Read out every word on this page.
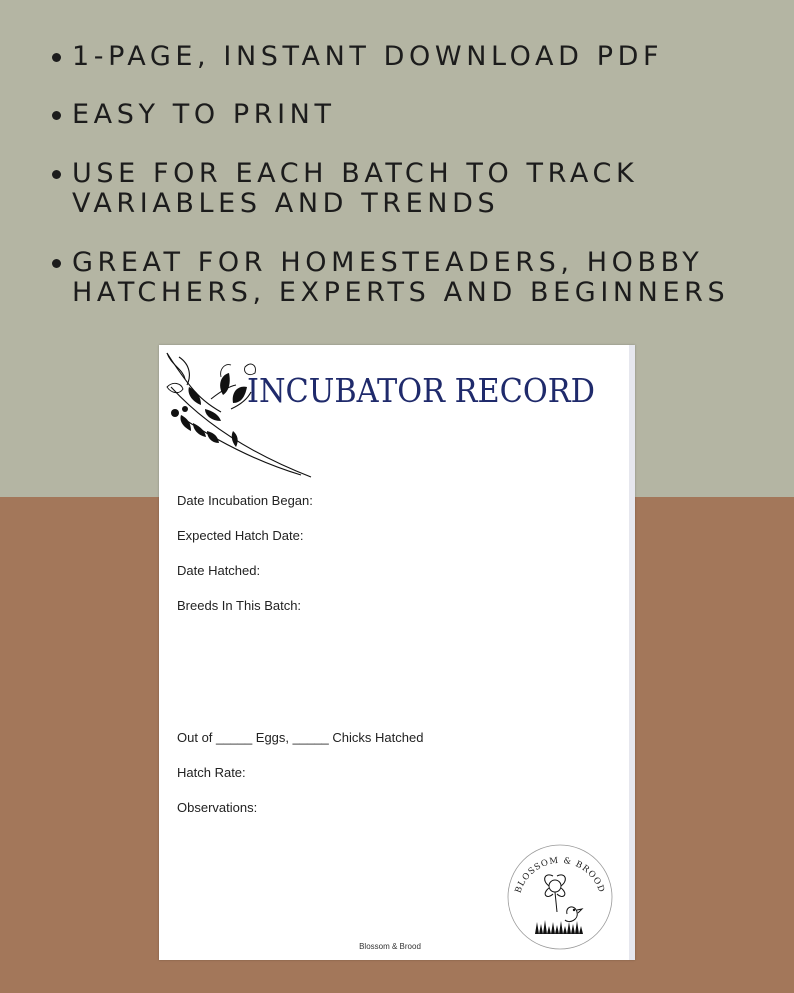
1-PAGE, INSTANT DOWNLOAD PDF
EASY TO PRINT
USE FOR EACH BATCH TO TRACK VARIABLES AND TRENDS
GREAT FOR HOMESTEADERS, HOBBY HATCHERS, EXPERTS AND BEGINNERS
INCUBATOR RECORD
Date Incubation Began:
Expected Hatch Date:
Date Hatched:
Breeds In This Batch:
Out of _____ Eggs, _____ Chicks Hatched
Hatch Rate:
Observations:
BLOSSOM & BROOD
Blossom & Brood
